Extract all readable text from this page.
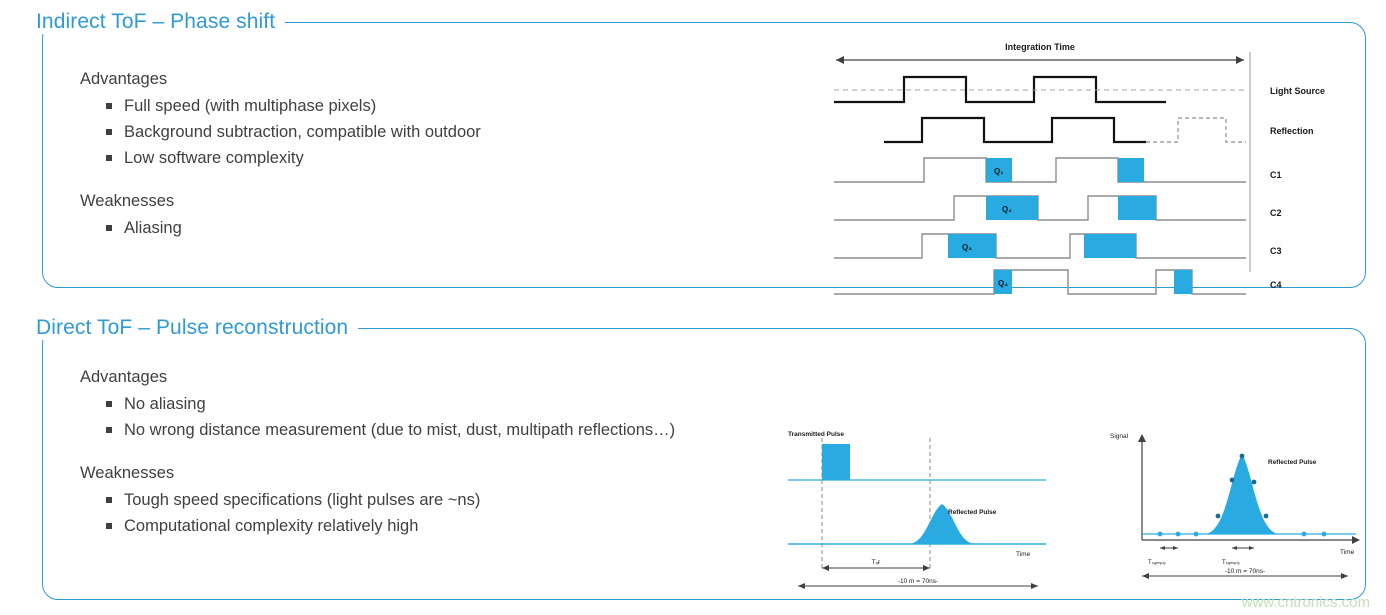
Indirect ToF – Phase shift

Advantages

Full speed (with multiphase pixels)
Background subtraction, compatible with outdoor
Low software complexity

Weaknesses

Aliasing
Integration Time
Light Source
Reflection
Q₁	C1
Q₂	C2
Q₃	C3
Q₄	C4
Direct ToF – Pulse reconstruction

Advantages

No aliasing
No wrong distance measurement (due to mist, dust, multipath reflections…)

Weaknesses

Tough speed specifications (light pulses are ~ns)
Computational complexity relatively high
Transmitted Pulse
Reflected Pulse
Time
Tₒғ
-10 m = 70ns-
Signal
Time
Reflected Pulse
Tₛₐₘₚₗₑ	Tₛₐₘₚₗₑ
-10 m = 70ns-
www.cntronics.com
